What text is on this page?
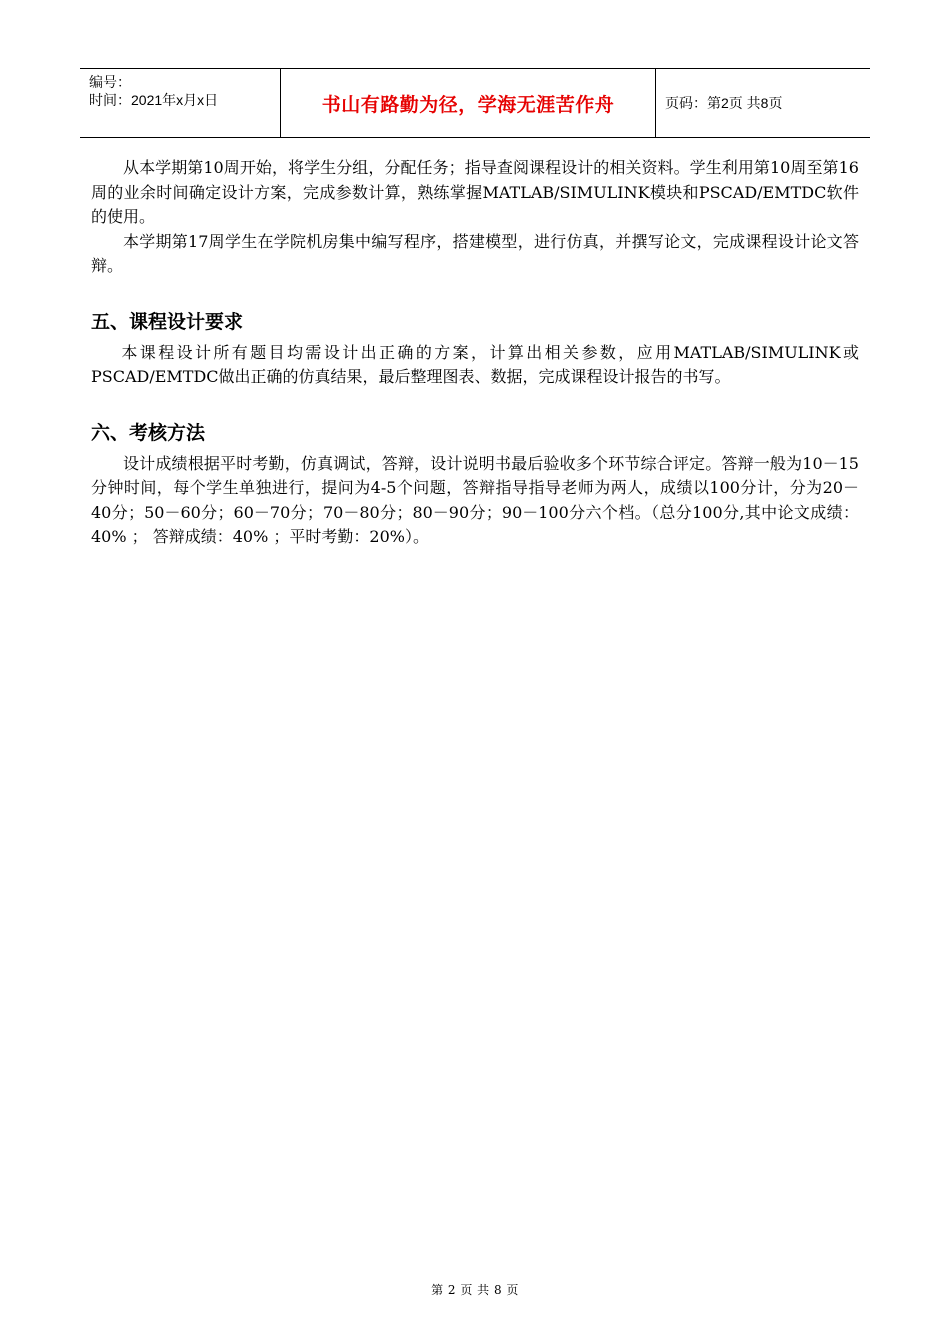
编号：
时间：2021年x月x日	书山有路勤为径，学海无涯苦作舟	页码：第2页 共8页

从本学期第10周开始，将学生分组，分配任务；指导查阅课程设计的相关资料。学生利用第10周至第16周的业余时间确定设计方案，完成参数计算，熟练掌握MATLAB/SIMULINK模块和PSCAD/EMTDC软件的使用。

本学期第17周学生在学院机房集中编写程序，搭建模型，进行仿真，并撰写论文，完成课程设计论文答辩。

五、课程设计要求

本课程设计所有题目均需设计出正确的方案，计算出相关参数，应用MATLAB/SIMULINK或PSCAD/EMTDC做出正确的仿真结果，最后整理图表、数据，完成课程设计报告的书写。

六、考核方法

设计成绩根据平时考勤，仿真调试，答辩，设计说明书最后验收多个环节综合评定。答辩一般为10－15分钟时间，每个学生单独进行，提问为4-5个问题，答辩指导指导老师为两人，成绩以100分计，分为20－40分；50－60分；60－70分；70－80分；80－90分；90－100分六个档。（总分100分,其中论文成绩：40% ； 答辩成绩：40% ；平时考勤：20%）。

第 2 页 共 8 页
